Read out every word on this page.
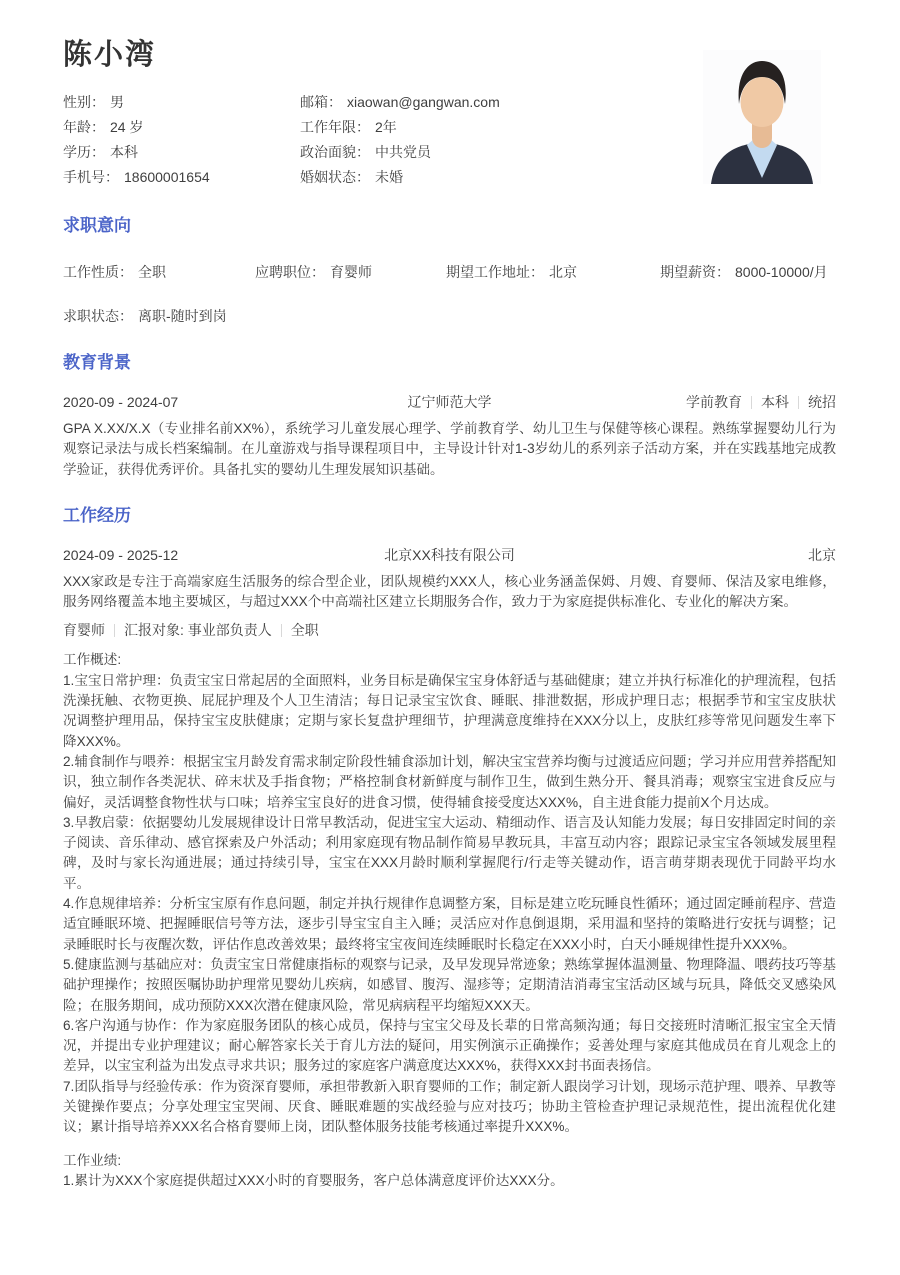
陈小湾
性别： 男	邮箱： xiaowan@gangwan.com
年龄： 24 岁	工作年限： 2年
学历： 本科	政治面貌： 中共党员
手机号： 18600001654	婚姻状态： 未婚
求职意向
工作性质： 全职	应聘职位： 育婴师	期望工作地址： 北京	期望薪资： 8000-10000/月
求职状态： 离职-随时到岗
教育背景
2020-09 - 2024-07	辽宁师范大学	学前教育 本科 统招

GPA X.XX/X.X（专业排名前XX%），系统学习儿童发展心理学、学前教育学、幼儿卫生与保健等核心课程。熟练掌握婴幼儿行为观察记录法与成长档案编制。在儿童游戏与指导课程项目中，主导设计针对1-3岁幼儿的系列亲子活动方案，并在实践基地完成教学验证，获得优秀评价。具备扎实的婴幼儿生理发展知识基础。

工作经历
2024-09 - 2025-12	北京XX科技有限公司	北京

XXX家政是专注于高端家庭生活服务的综合型企业，团队规模约XXX人，核心业务涵盖保姆、月嫂、育婴师、保洁及家电维修，服务网络覆盖本地主要城区，与超过XXX个中高端社区建立长期服务合作，致力于为家庭提供标准化、专业化的解决方案。

育婴师 汇报对象: 事业部负责人 全职
工作概述:
1.宝宝日常护理：负责宝宝日常起居的全面照料，业务目标是确保宝宝身体舒适与基础健康；建立并执行标准化的护理流程，包括洗澡抚触、衣物更换、屁屁护理及个人卫生清洁；每日记录宝宝饮食、睡眠、排泄数据，形成护理日志；根据季节和宝宝皮肤状况调整护理用品，保持宝宝皮肤健康；定期与家长复盘护理细节，护理满意度维持在XXX分以上，皮肤红疹等常见问题发生率下降XXX%。
2.辅食制作与喂养：根据宝宝月龄发育需求制定阶段性辅食添加计划，解决宝宝营养均衡与过渡适应问题；学习并应用营养搭配知识，独立制作各类泥状、碎末状及手指食物；严格控制食材新鲜度与制作卫生，做到生熟分开、餐具消毒；观察宝宝进食反应与偏好，灵活调整食物性状与口味；培养宝宝良好的进食习惯，使得辅食接受度达XXX%，自主进食能力提前X个月达成。
3.早教启蒙：依据婴幼儿发展规律设计日常早教活动，促进宝宝大运动、精细动作、语言及认知能力发展；每日安排固定时间的亲子阅读、音乐律动、感官探索及户外活动；利用家庭现有物品制作简易早教玩具，丰富互动内容；跟踪记录宝宝各领域发展里程碑，及时与家长沟通进展；通过持续引导，宝宝在XXX月龄时顺利掌握爬行/行走等关键动作，语言萌芽期表现优于同龄平均水平。
4.作息规律培养：分析宝宝原有作息问题，制定并执行规律作息调整方案，目标是建立吃玩睡良性循环；通过固定睡前程序、营造适宜睡眠环境、把握睡眠信号等方法，逐步引导宝宝自主入睡；灵活应对作息倒退期，采用温和坚持的策略进行安抚与调整；记录睡眠时长与夜醒次数，评估作息改善效果；最终将宝宝夜间连续睡眠时长稳定在XXX小时，白天小睡规律性提升XXX%。
5.健康监测与基础应对：负责宝宝日常健康指标的观察与记录，及早发现异常迹象；熟练掌握体温测量、物理降温、喂药技巧等基础护理操作；按照医嘱协助护理常见婴幼儿疾病，如感冒、腹泻、湿疹等；定期清洁消毒宝宝活动区域与玩具，降低交叉感染风险；在服务期间，成功预防XXX次潜在健康风险，常见病病程平均缩短XXX天。
6.客户沟通与协作：作为家庭服务团队的核心成员，保持与宝宝父母及长辈的日常高频沟通；每日交接班时清晰汇报宝宝全天情况，并提出专业护理建议；耐心解答家长关于育儿方法的疑问，用实例演示正确操作；妥善处理与家庭其他成员在育儿观念上的差异，以宝宝利益为出发点寻求共识；服务过的家庭客户满意度达XXX%，获得XXX封书面表扬信。
7.团队指导与经验传承：作为资深育婴师，承担带教新入职育婴师的工作；制定新人跟岗学习计划，现场示范护理、喂养、早教等关键操作要点；分享处理宝宝哭闹、厌食、睡眠难题的实战经验与应对技巧；协助主管检查护理记录规范性，提出流程优化建议；累计指导培养XXX名合格育婴师上岗，团队整体服务技能考核通过率提升XXX%。
工作业绩:
1.累计为XXX个家庭提供超过XXX小时的育婴服务，客户总体满意度评价达XXX分。
